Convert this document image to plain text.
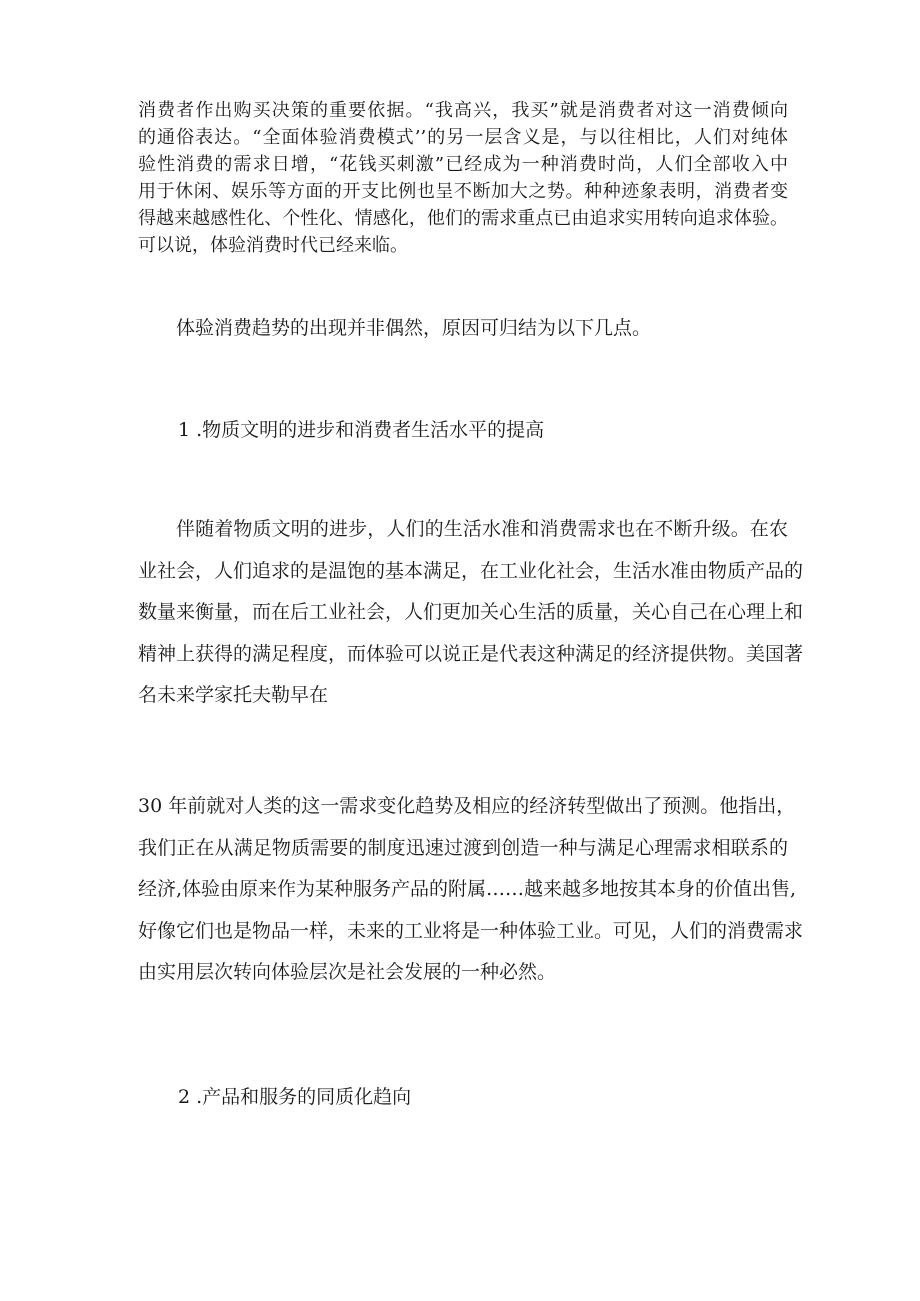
消费者作出购买决策的重要依据。“我高兴，我买”就是消费者对这一消费倾向
的通俗表达。“全面体验消费模式’’的另一层含义是，与以往相比，人们对纯体
验性消费的需求日增，“花钱买刺激”已经成为一种消费时尚，人们全部收入中
用于休闲、娱乐等方面的开支比例也呈不断加大之势。种种迹象表明，消费者变
得越来越感性化、个性化、情感化，他们的需求重点已由追求实用转向追求体验。
可以说，体验消费时代已经来临。

体验消费趋势的出现并非偶然，原因可归结为以下几点。

1 .物质文明的进步和消费者生活水平的提高

伴随着物质文明的进步，人们的生活水准和消费需求也在不断升级。在农
业社会，人们追求的是温饱的基本满足，在工业化社会，生活水准由物质产品的
数量来衡量，而在后工业社会，人们更加关心生活的质量，关心自己在心理上和
精神上获得的满足程度，而体验可以说正是代表这种满足的经济提供物。美国著
名未来学家托夫勒早在
30 年前就对人类的这一需求变化趋势及相应的经济转型做出了预测。他指出，
我们正在从满足物质需要的制度迅速过渡到创造一种与满足心理需求相联系的
经济,体验由原来作为某种服务产品的附属……越来越多地按其本身的价值出售,
好像它们也是物品一样，未来的工业将是一种体验工业。可见，人们的消费需求
由实用层次转向体验层次是社会发展的一种必然。

2 .产品和服务的同质化趋向
